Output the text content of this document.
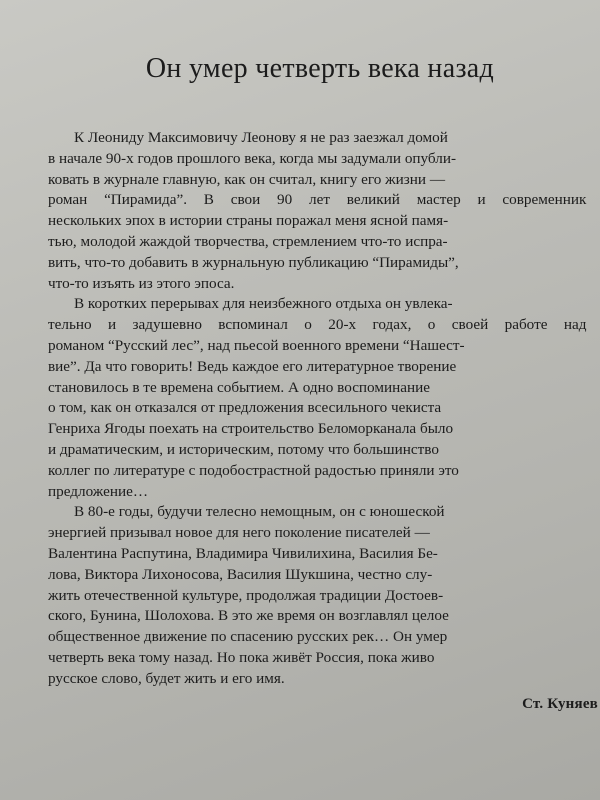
Он умер четверть века назад
К Леониду Максимовичу Леонову я не раз заезжал домой
в начале 90-х годов прошлого века, когда мы задумали опубли-
ковать в журнале главную, как он считал, книгу его жизни —
роман “Пирамида”. В свои 90 лет великий мастер и современник
нескольких эпох в истории страны поражал меня ясной памя-
тью, молодой жаждой творчества, стремлением что-то испра-
вить, что-то добавить в журнальную публикацию “Пирамиды”,
что-то изъять из этого эпоса.
В коротких перерывах для неизбежного отдыха он увлека-
тельно и задушевно вспоминал о 20-х годах, о своей работе над
романом “Русский лес”, над пьесой военного времени “Нашест-
вие”. Да что говорить! Ведь каждое его литературное творение
становилось в те времена событием. А одно воспоминание
о том, как он отказался от предложения всесильного чекиста
Генриха Ягоды поехать на строительство Беломорканала было
и драматическим, и историческим, потому что большинство
коллег по литературе с подобострастной радостью приняли это
предложение…
В 80-е годы, будучи телесно немощным, он с юношеской
энергией призывал новое для него поколение писателей —
Валентина Распутина, Владимира Чивилихина, Василия Бе-
лова, Виктора Лихоносова, Василия Шукшина, честно слу-
жить отечественной культуре, продолжая традиции Достоев-
ского, Бунина, Шолохова. В это же время он возглавлял целое
общественное движение по спасению русских рек… Он умер
четверть века тому назад. Но пока живёт Россия, пока живо
русское слово, будет жить и его имя.
Ст. Куняев
